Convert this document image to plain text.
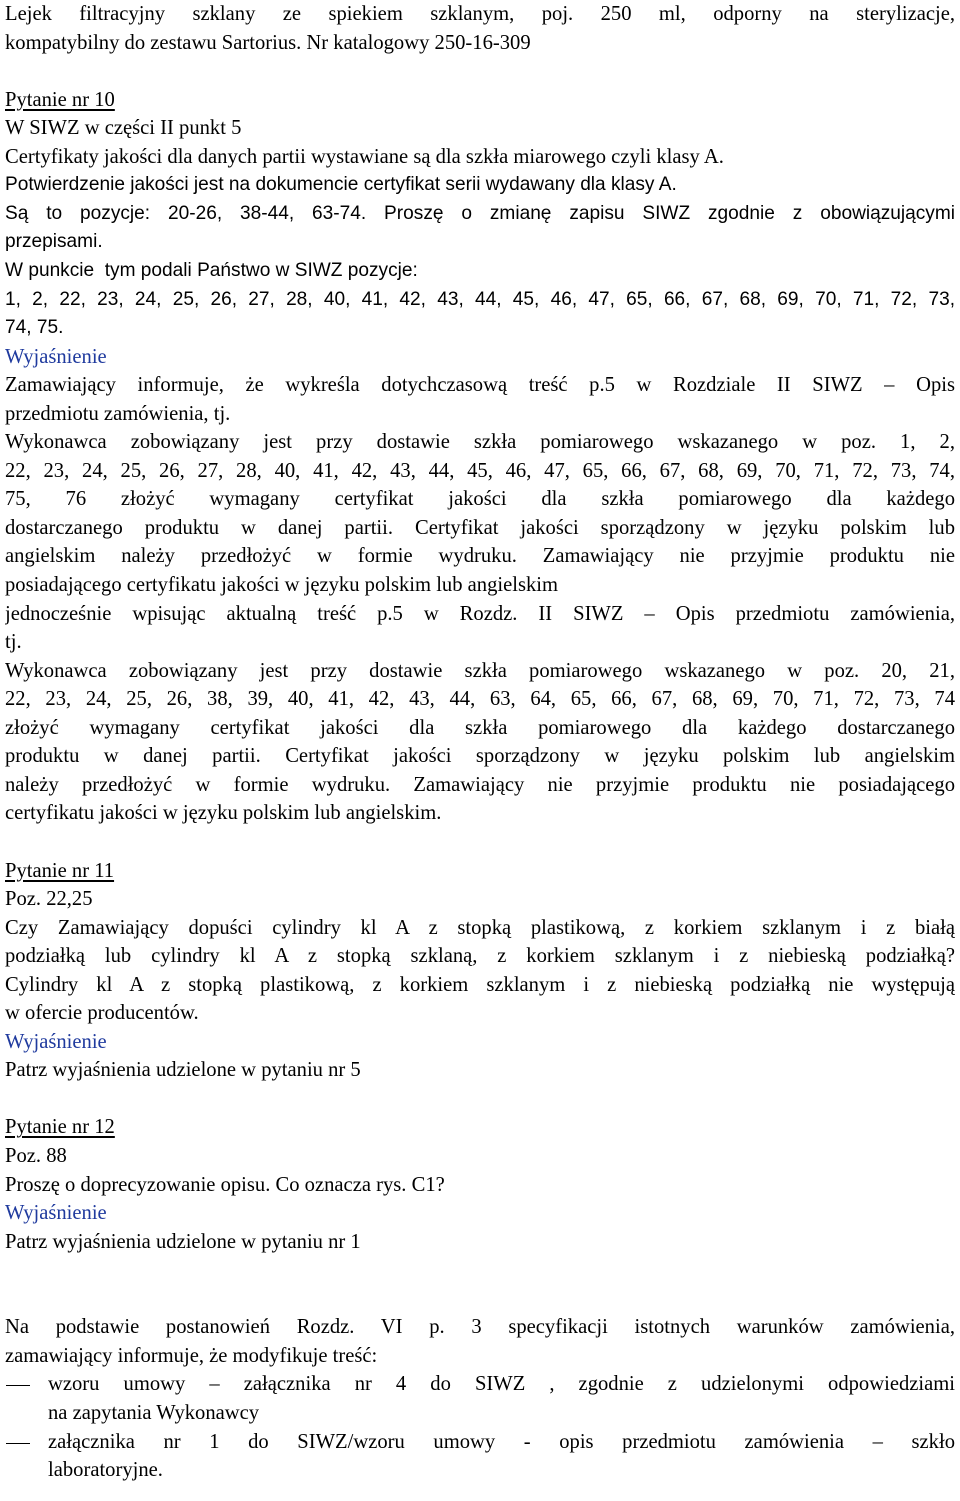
Lejek filtracyjny szklany ze spiekiem szklanym, poj. 250 ml, odporny na sterylizacje,
kompatybilny do zestawu Sartorius. Nr katalogowy 250-16-309
Pytanie nr 10
W SIWZ w części II punkt 5
Certyfikaty jakości dla danych partii wystawiane są dla szkła miarowego czyli klasy A.
Potwierdzenie jakości jest na dokumencie certyfikat serii wydawany dla klasy A.
Są to pozycje: 20-26, 38-44, 63-74. Proszę o zmianę zapisu SIWZ zgodnie z obowiązującymi
przepisami.
W punkcie  tym podali Państwo w SIWZ pozycje:
1, 2, 22, 23, 24, 25, 26, 27, 28, 40, 41, 42, 43, 44, 45, 46, 47, 65, 66, 67, 68, 69, 70, 71, 72, 73,
74, 75.
Wyjaśnienie
Zamawiający informuje, że wykreśla dotychczasową treść p.5 w Rozdziale II SIWZ – Opis
przedmiotu zamówienia, tj.
Wykonawca zobowiązany jest przy dostawie szkła pomiarowego wskazanego w poz. 1, 2,
22, 23, 24, 25, 26, 27, 28, 40, 41, 42, 43, 44, 45, 46, 47, 65, 66, 67, 68, 69, 70, 71, 72, 73, 74,
75, 76 złożyć wymagany certyfikat jakości dla szkła pomiarowego dla każdego
dostarczanego produktu w danej partii. Certyfikat jakości sporządzony w języku polskim lub
angielskim należy przedłożyć w formie wydruku. Zamawiający nie przyjmie produktu nie
posiadającego certyfikatu jakości w języku polskim lub angielskim
jednocześnie wpisując aktualną treść p.5 w Rozdz. II SIWZ – Opis przedmiotu zamówienia,
tj.
Wykonawca zobowiązany jest przy dostawie szkła pomiarowego wskazanego w poz. 20, 21,
22, 23, 24, 25, 26, 38, 39, 40, 41, 42, 43, 44, 63, 64, 65, 66, 67, 68, 69, 70, 71, 72, 73, 74
złożyć wymagany certyfikat jakości dla szkła pomiarowego dla każdego dostarczanego
produktu w danej partii. Certyfikat jakości sporządzony w języku polskim lub angielskim
należy przedłożyć w formie wydruku. Zamawiający nie przyjmie produktu nie posiadającego
certyfikatu jakości w języku polskim lub angielskim.
Pytanie nr 11
Poz. 22,25
Czy Zamawiający dopuści cylindry kl A z stopką plastikową, z korkiem szklanym i z białą
podziałką lub cylindry kl A z stopką szklaną, z korkiem szklanym i z niebieską podziałką?
Cylindry kl A z stopką plastikową, z korkiem szklanym i z niebieską podziałką nie występują
w ofercie producentów.
Wyjaśnienie
Patrz wyjaśnienia udzielone w pytaniu nr 5
Pytanie nr 12
Poz. 88
Proszę o doprecyzowanie opisu. Co oznacza rys. C1?
Wyjaśnienie
Patrz wyjaśnienia udzielone w pytaniu nr 1
Na podstawie postanowień Rozdz. VI p. 3 specyfikacji istotnych warunków zamówienia,
zamawiający informuje, że modyfikuje treść:
wzoru umowy – załącznika nr 4 do SIWZ , zgodnie z udzielonymi odpowiedziami
na zapytania Wykonawcy
załącznika nr 1 do SIWZ/wzoru umowy - opis przedmiotu zamówienia – szkło
laboratoryjne.
